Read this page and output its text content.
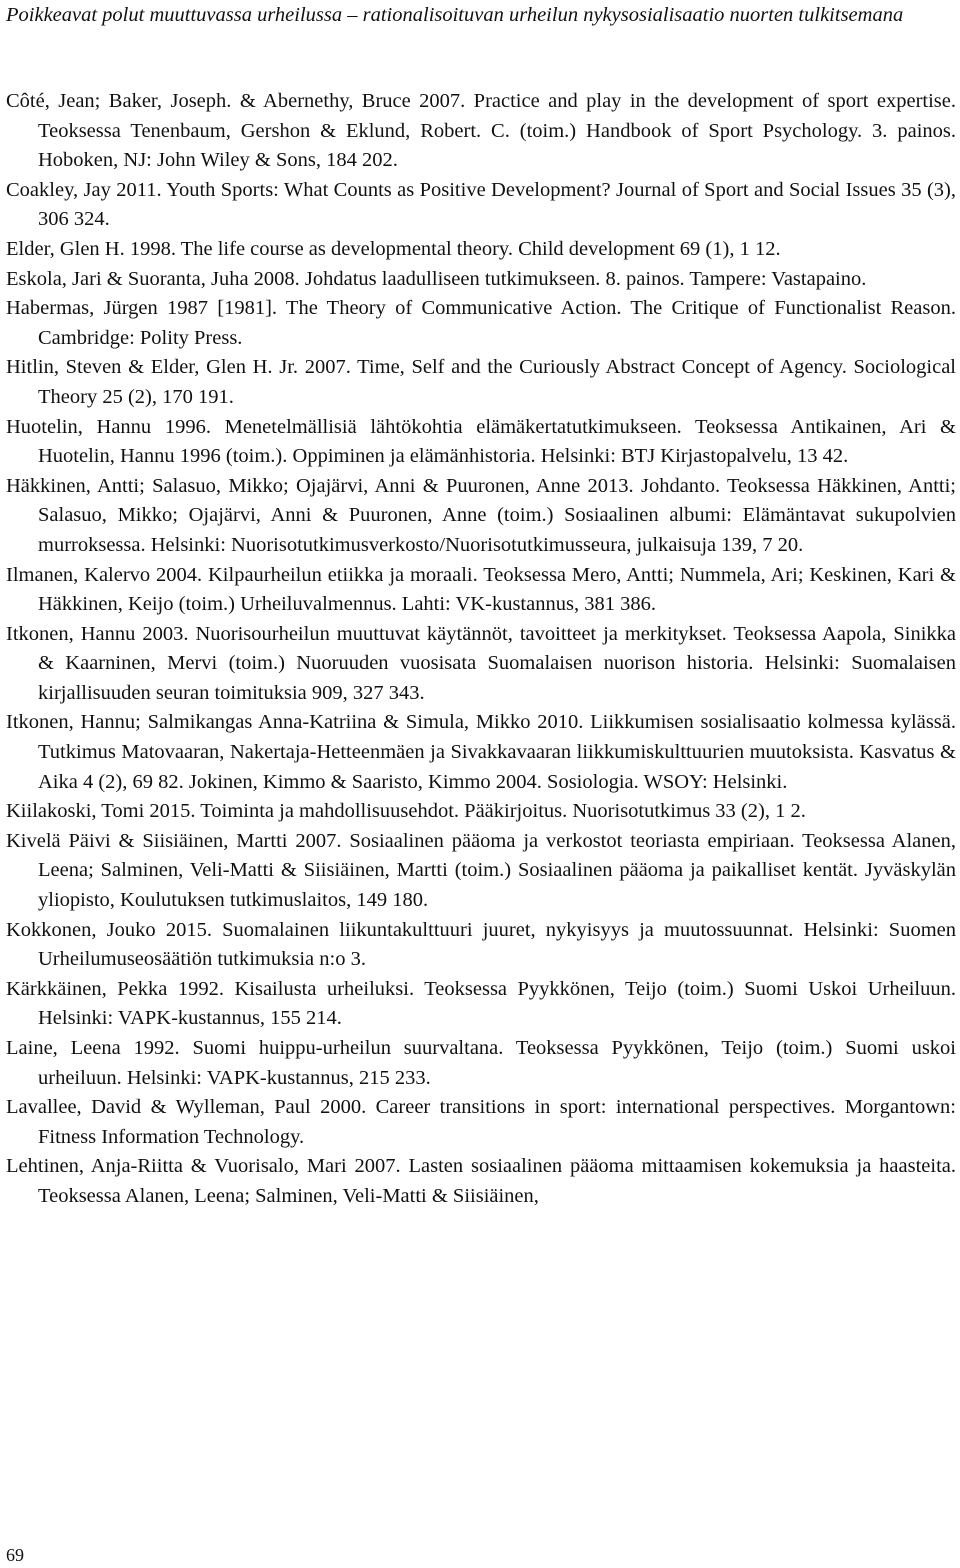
Poikkeavat polut muuttuvassa urheilussa – rationalisoituvan urheilun nykysosialisaatio nuorten tulkitsemana
Côté, Jean; Baker, Joseph. & Abernethy, Bruce 2007. Practice and play in the development of sport expertise. Teoksessa Tenenbaum, Gershon & Eklund, Robert. C. (toim.) Handbook of Sport Psychology. 3. painos. Hoboken, NJ: John Wiley & Sons, 184 202.
Coakley, Jay 2011. Youth Sports: What Counts as Positive Development? Journal of Sport and Social Issues 35 (3), 306 324.
Elder, Glen H. 1998. The life course as developmental theory. Child development 69 (1), 1 12.
Eskola, Jari & Suoranta, Juha 2008. Johdatus laadulliseen tutkimukseen. 8. painos. Tampere: Vastapaino.
Habermas, Jürgen 1987 [1981]. The Theory of Communicative Action. The Critique of Functionalist Reason. Cambridge: Polity Press.
Hitlin, Steven & Elder, Glen H. Jr. 2007. Time, Self and the Curiously Abstract Concept of Agency. Sociological Theory 25 (2), 170 191.
Huotelin, Hannu 1996. Menetelmällisiä lähtökohtia elämäkertatutkimukseen. Teoksessa Antikainen, Ari & Huotelin, Hannu 1996 (toim.). Oppiminen ja elämänhistoria. Helsinki: BTJ Kirjastopalvelu, 13 42.
Häkkinen, Antti; Salasuo, Mikko; Ojajärvi, Anni & Puuronen, Anne 2013. Johdanto. Teoksessa Häkkinen, Antti; Salasuo, Mikko; Ojajärvi, Anni & Puuronen, Anne (toim.) Sosiaalinen albumi: Elämäntavat sukupolvien murroksessa. Helsinki: Nuorisotutkimusverkosto/Nuorisotutkimusseura, julkaisuja 139, 7 20.
Ilmanen, Kalervo 2004. Kilpaurheilun etiikka ja moraali. Teoksessa Mero, Antti; Nummela, Ari; Keskinen, Kari & Häkkinen, Keijo (toim.) Urheiluvalmennus. Lahti: VK-kustannus, 381 386.
Itkonen, Hannu 2003. Nuorisourheilun muuttuvat käytännöt, tavoitteet ja merkitykset. Teoksessa Aapola, Sinikka & Kaarninen, Mervi (toim.) Nuoruuden vuosisata Suomalaisen nuorison historia. Helsinki: Suomalaisen kirjallisuuden seuran toimituksia 909, 327 343.
Itkonen, Hannu; Salmikangas Anna-Katriina & Simula, Mikko 2010. Liikkumisen sosialisaatio kolmessa kylässä. Tutkimus Matovaaran, Nakertaja-Hetteenmäen ja Sivakkavaaran liikkumiskulttuurien muutoksista. Kasvatus & Aika 4 (2), 69 82. Jokinen, Kimmo & Saaristo, Kimmo 2004. Sosiologia. WSOY: Helsinki.
Kiilakoski, Tomi 2015. Toiminta ja mahdollisuusehdot. Pääkirjoitus. Nuorisotutkimus 33 (2), 1 2.
Kivelä Päivi & Siisiäinen, Martti 2007. Sosiaalinen pääoma ja verkostot teoriasta empiriaan. Teoksessa Alanen, Leena; Salminen, Veli-Matti & Siisiäinen, Martti (toim.) Sosiaalinen pääoma ja paikalliset kentät. Jyväskylän yliopisto, Koulutuksen tutkimuslaitos, 149 180.
Kokkonen, Jouko 2015. Suomalainen liikuntakulttuuri juuret, nykyisyys ja muutossuunnat. Helsinki: Suomen Urheilumuseosäätiön tutkimuksia n:o 3.
Kärkkäinen, Pekka 1992. Kisailusta urheiluksi. Teoksessa Pyykkönen, Teijo (toim.) Suomi Uskoi Urheiluun. Helsinki: VAPK-kustannus, 155 214.
Laine, Leena 1992. Suomi huippu-urheilun suurvaltana. Teoksessa Pyykkönen, Teijo (toim.) Suomi uskoi urheiluun. Helsinki: VAPK-kustannus, 215 233.
Lavallee, David & Wylleman, Paul 2000. Career transitions in sport: international perspectives. Morgantown: Fitness Information Technology.
Lehtinen, Anja-Riitta & Vuorisalo, Mari 2007. Lasten sosiaalinen pääoma mittaamisen kokemuksia ja haasteita. Teoksessa Alanen, Leena; Salminen, Veli-Matti & Siisiäinen,
69
